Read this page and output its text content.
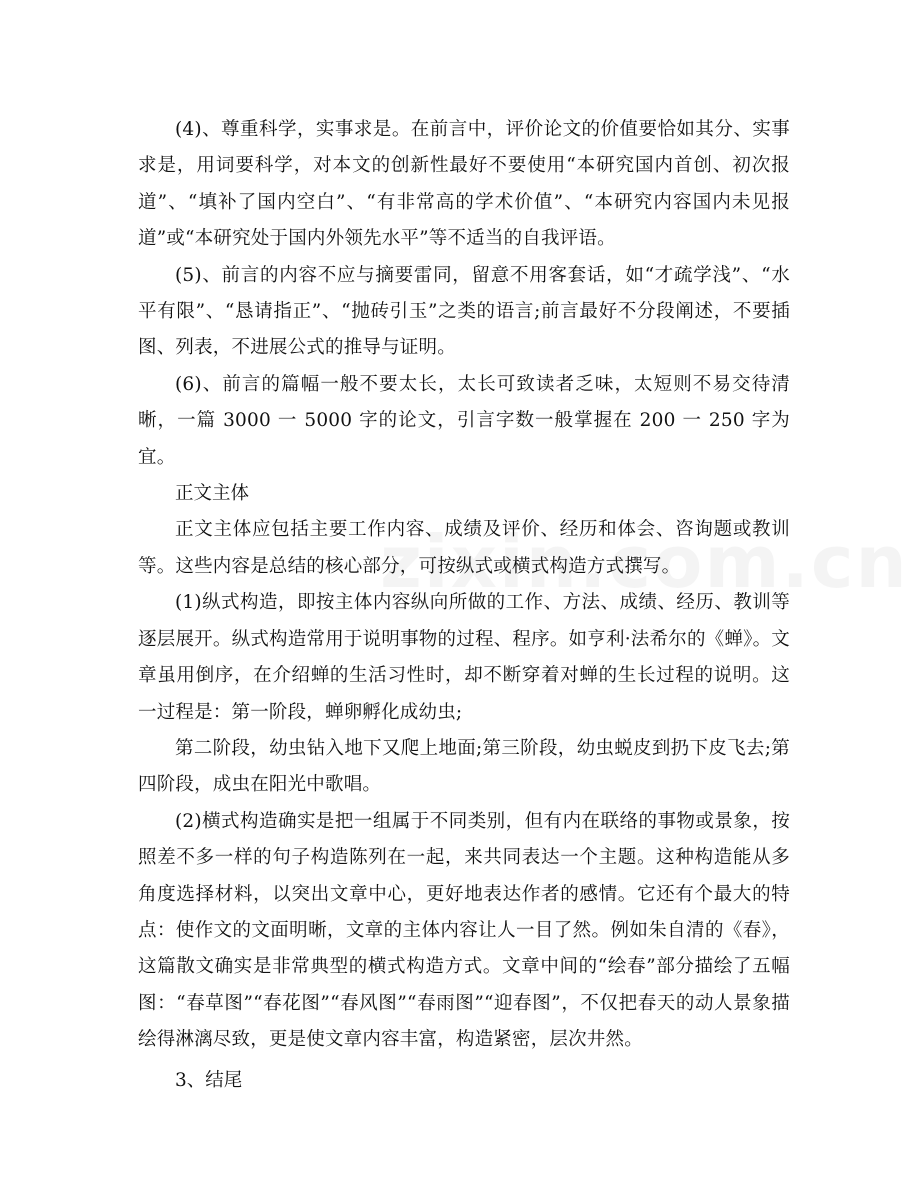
(4)、尊重科学，实事求是。在前言中，评价论文的价值要恰如其分、实事求是，用词要科学，对本文的创新性最好不要使用“本研究国内首创、初次报道”、“填补了国内空白”、“有非常高的学术价值”、“本研究内容国内未见报道”或“本研究处于国内外领先水平”等不适当的自我评语。

(5)、前言的内容不应与摘要雷同，留意不用客套话，如“才疏学浅”、“水平有限”、“恳请指正”、“抛砖引玉”之类的语言;前言最好不分段阐述，不要插图、列表，不进展公式的推导与证明。

(6)、前言的篇幅一般不要太长，太长可致读者乏味，太短则不易交待清晰，一篇 3000 一 5000 字的论文，引言字数一般掌握在 200 一 250 字为宜。

正文主体

正文主体应包括主要工作内容、成绩及评价、经历和体会、咨询题或教训等。这些内容是总结的核心部分，可按纵式或横式构造方式撰写。

(1)纵式构造，即按主体内容纵向所做的工作、方法、成绩、经历、教训等逐层展开。纵式构造常用于说明事物的过程、程序。如亨利·法希尔的《蝉》。文章虽用倒序，在介绍蝉的生活习性时，却不断穿着对蝉的生长过程的说明。这一过程是：第一阶段，蝉卵孵化成幼虫;

第二阶段，幼虫钻入地下又爬上地面;第三阶段，幼虫蜕皮到扔下皮飞去;第四阶段，成虫在阳光中歌唱。

(2)横式构造确实是把一组属于不同类别，但有内在联络的事物或景象，按照差不多一样的句子构造陈列在一起，来共同表达一个主题。这种构造能从多角度选择材料，以突出文章中心，更好地表达作者的感情。它还有个最大的特点：使作文的文面明晰，文章的主体内容让人一目了然。例如朱自清的《春》，这篇散文确实是非常典型的横式构造方式。文章中间的“绘春”部分描绘了五幅图：“春草图”“春花图”“春风图”“春雨图”“迎春图”，不仅把春天的动人景象描绘得淋漓尽致，更是使文章内容丰富，构造紧密，层次井然。

3、结尾
